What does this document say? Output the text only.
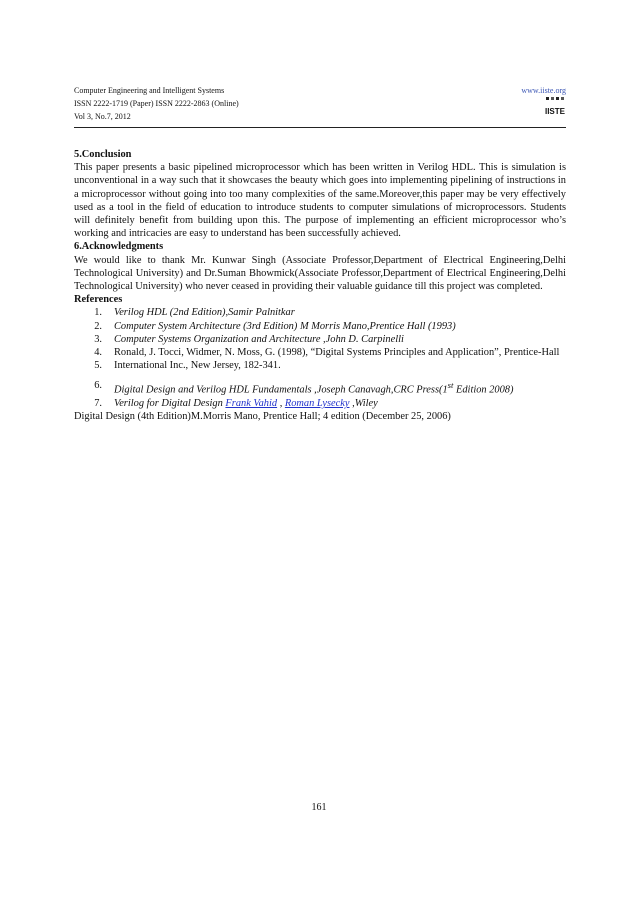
Computer Engineering and Intelligent Systems	www.iiste.org
ISSN 2222-1719 (Paper) ISSN 2222-2863 (Online)
Vol 3, No.7, 2012
IISTE
5.Conclusion

This paper presents a basic pipelined microprocessor which has been written in Verilog HDL. This is simulation is unconventional in a way such that it showcases the beauty which goes into implementing pipelining of instructions in a microprocessor without going into too many complexities of the same.Moreover,this paper may be very effectively used as a tool in the field of education to introduce students to computer simulations of microprocessors. Students will definitely benefit from building upon this. The purpose of implementing an efficient microprocessor who’s working and intricacies are easy to understand has been successfully achieved.

6.Acknowledgments

We would like to thank Mr. Kunwar Singh (Associate Professor,Department of Electrical Engineering,Delhi Technological University) and Dr.Suman Bhowmick(Associate Professor,Department of Electrical Engineering,Delhi Technological University) who never ceased in providing their valuable guidance till this project was completed.

References
1.	Verilog HDL (2nd Edition),Samir Palnitkar
2.	Computer System Architecture (3rd Edition) M Morris Mano,Prentice Hall (1993)
3.	Computer Systems Organization and Architecture ,John D. Carpinelli
4.	Ronald, J. Tocci, Widmer, N. Moss, G. (1998), “Digital Systems Principles and Application”, Prentice-Hall
5.	International Inc., New Jersey, 182-341.
6.	Digital Design and Verilog HDL Fundamentals ,Joseph Canavagh,CRC Press(1st Edition 2008)
7.	Verilog for Digital Design Frank Vahid , Roman Lysecky ,Wiley

Digital Design (4th Edition)M.Morris Mano, Prentice Hall; 4 edition (December 25, 2006)

161
